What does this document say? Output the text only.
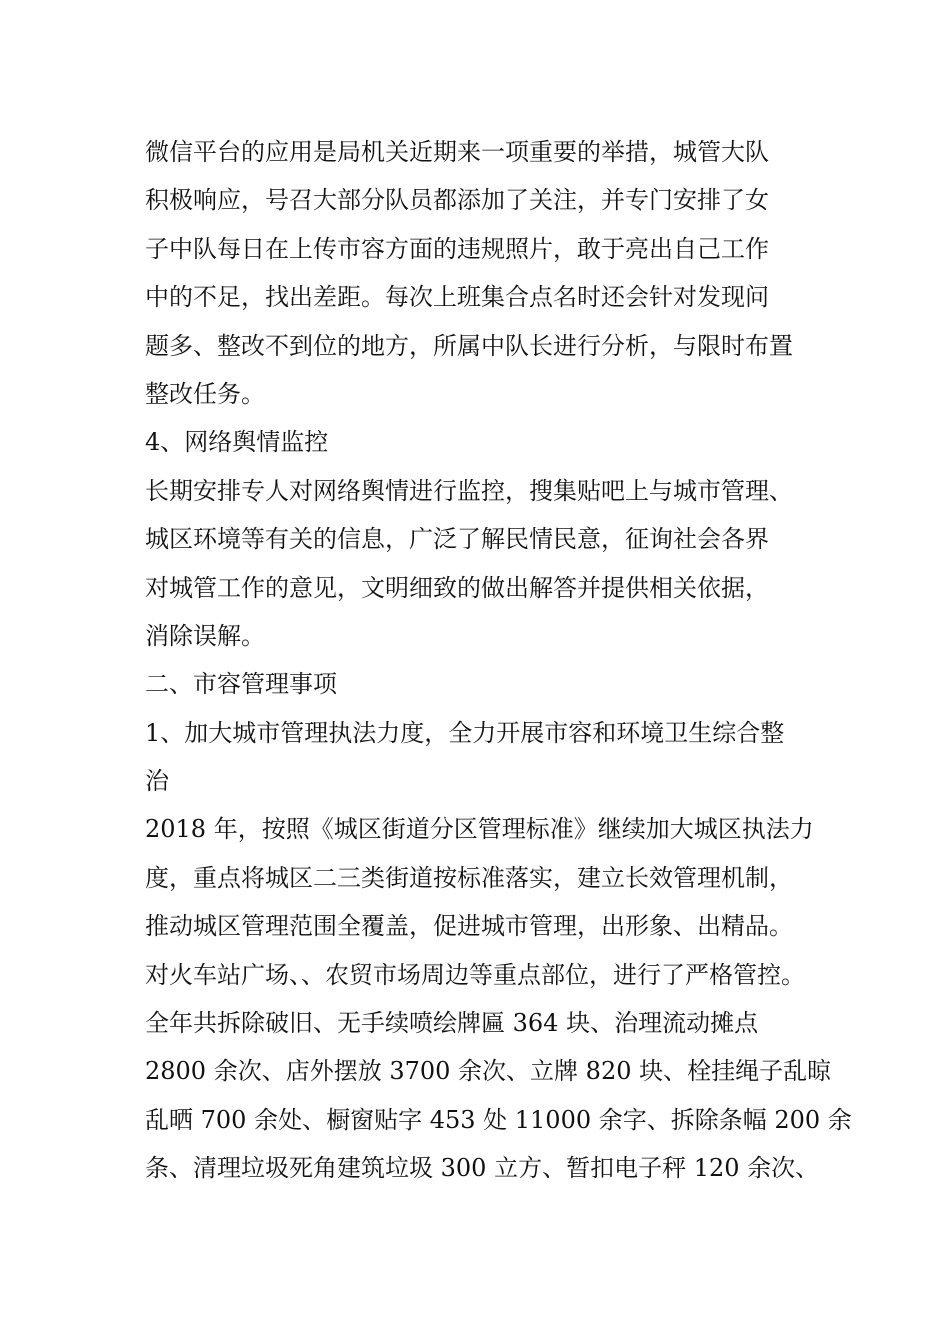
微信平台的应用是局机关近期来一项重要的举措，城管大队
积极响应，号召大部分队员都添加了关注，并专门安排了女
子中队每日在上传市容方面的违规照片，敢于亮出自己工作
中的不足，找出差距。每次上班集合点名时还会针对发现问
题多、整改不到位的地方，所属中队长进行分析，与限时布置
整改任务。
4、网络舆情监控
长期安排专人对网络舆情进行监控，搜集贴吧上与城市管理、
城区环境等有关的信息，广泛了解民情民意，征询社会各界
对城管工作的意见，文明细致的做出解答并提供相关依据，
消除误解。
二、市容管理事项
1、加大城市管理执法力度，全力开展市容和环境卫生综合整
治
2018 年，按照《城区街道分区管理标准》继续加大城区执法力
度，重点将城区二三类街道按标准落实，建立长效管理机制，
推动城区管理范围全覆盖，促进城市管理，出形象、出精品。
对火车站广场、、农贸市场周边等重点部位，进行了严格管控。
全年共拆除破旧、无手续喷绘牌匾 364 块、治理流动摊点
2800 余次、店外摆放 3700 余次、立牌 820 块、栓挂绳子乱晾
乱晒 700 余处、橱窗贴字 453 处 11000 余字、拆除条幅 200 余
条、清理垃圾死角建筑垃圾 300 立方、暂扣电子秤 120 余次、
